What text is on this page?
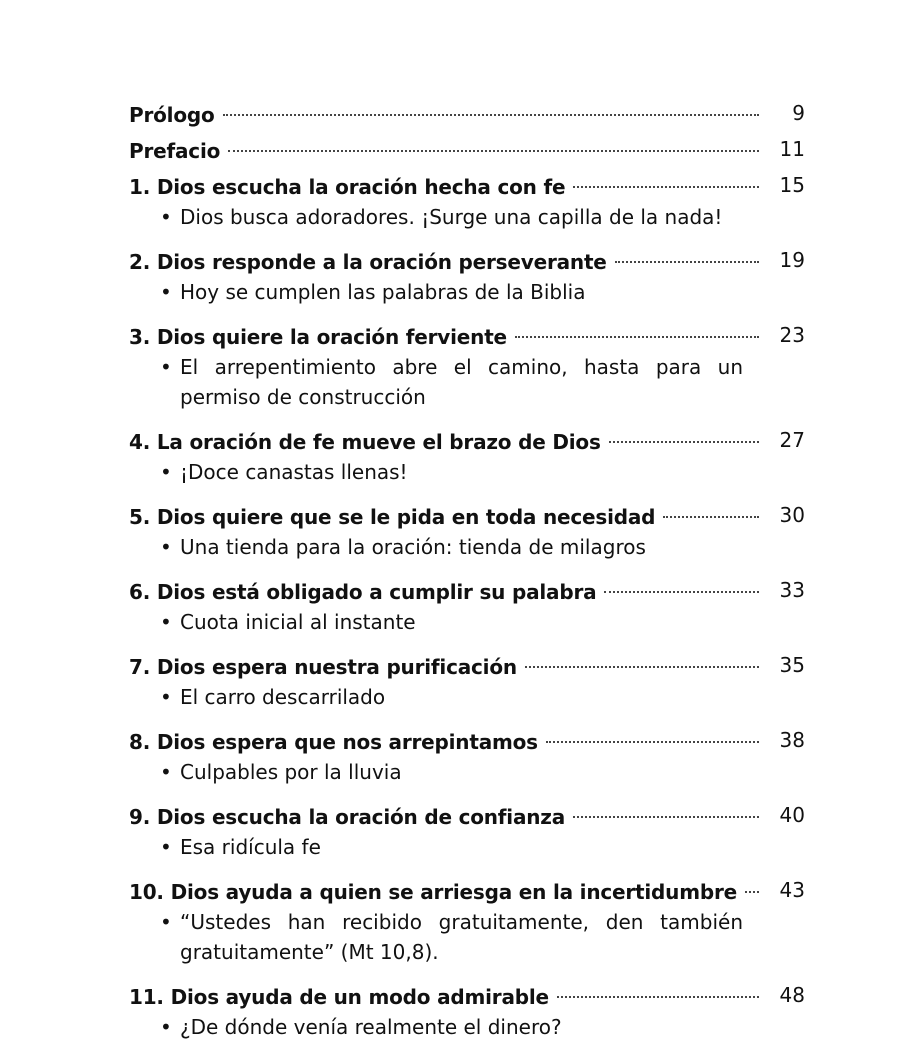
Prólogo	9
Prefacio	11
1. Dios escucha la oración hecha con fe	15
• Dios busca adoradores. ¡Surge una capilla de la nada!
2. Dios responde a la oración perseverante	19
• Hoy se cumplen las palabras de la Biblia
3. Dios quiere la oración ferviente	23
• El arrepentimiento abre el camino, hasta para un permiso de construcción
4. La oración de fe mueve el brazo de Dios	27
• ¡Doce canastas llenas!
5. Dios quiere que se le pida en toda necesidad	30
• Una tienda para la oración: tienda de milagros
6. Dios está obligado a cumplir su palabra	33
• Cuota inicial al instante
7. Dios espera nuestra purificación	35
• El carro descarrilado
8. Dios espera que nos arrepintamos	38
• Culpables por la lluvia
9. Dios escucha la oración de confianza	40
• Esa ridícula fe
10. Dios ayuda a quien se arriesga en la incertidumbre	43
• “Ustedes han recibido gratuitamente, den también gratuitamente” (Mt 10,8).
11. Dios ayuda de un modo admirable	48
• ¿De dónde venía realmente el dinero?
